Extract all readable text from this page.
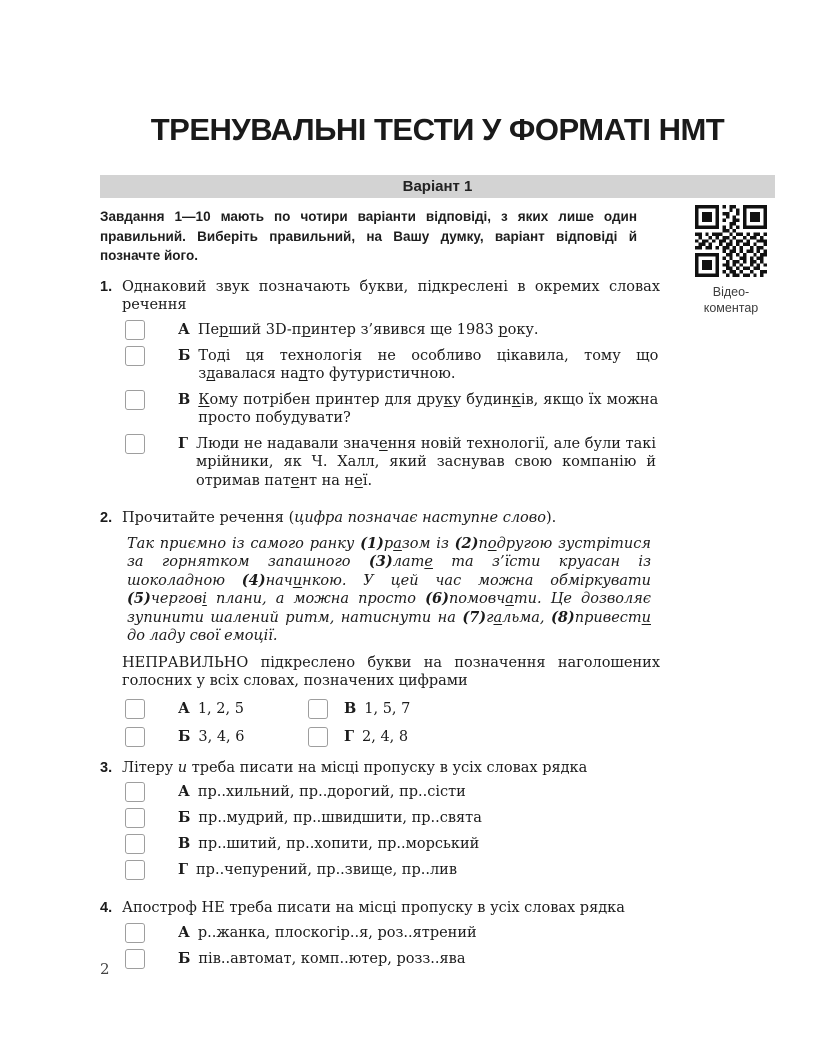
ТРЕНУВАЛЬНІ ТЕСТИ У ФОРМАТІ НМТ
Варіант 1

Завдання 1—10 мають по чотири варіанти відповіді, з яких лише один правильний. Виберіть правильний, на Вашу думку, варіант відповіді й позначте його.

Відео-
коментар
1. Однаковий звук позначають букви, підкреслені в окремих словах речення

А Перший 3D-принтер з’явився ще 1983 року.
Б Тоді ця технологія не особливо цікавила, тому що здавалася надто футуристичною.
В Кому потрібен принтер для друку будинків, якщо їх можна просто побудувати?
Г Люди не надавали значення новій технології, але були такі мрійники, як Ч. Халл, який заснував свою компанію й отримав патент на неї.
2. Прочитайте речення (цифра позначає наступне слово).

Так приємно із самого ранку (1)разом із (2)подругою зустрітися за горнятком запашного (3)лате та з’їсти круасан із шоколадною (4)начинкою. У цей час можна обміркувати (5)чергові плани, а можна просто (6)помовчати. Це дозволяє зупинити шалений ритм, натиснути на (7)гальма, (8)привести до ладу свої емоції.

НЕПРАВИЛЬНО підкреслено букви на позначення наголошених голосних у всіх словах, позначених цифрами

А 1, 2, 5	В 1, 5, 7
Б 3, 4, 6	Г 2, 4, 8
3. Літеру и треба писати на місці пропуску в усіх словах рядка

А пр..хильний, пр..дорогий, пр..сісти
Б пр..мудрий, пр..швидшити, пр..свята
В пр..шитий, пр..хопити, пр..морський
Г пр..чепурений, пр..звище, пр..лив
4. Апостроф НЕ треба писати на місці пропуску в усіх словах рядка

А р..жанка, плоскогір..я, роз..ятрений
Б пів..автомат, комп..ютер, розз..ява
2
